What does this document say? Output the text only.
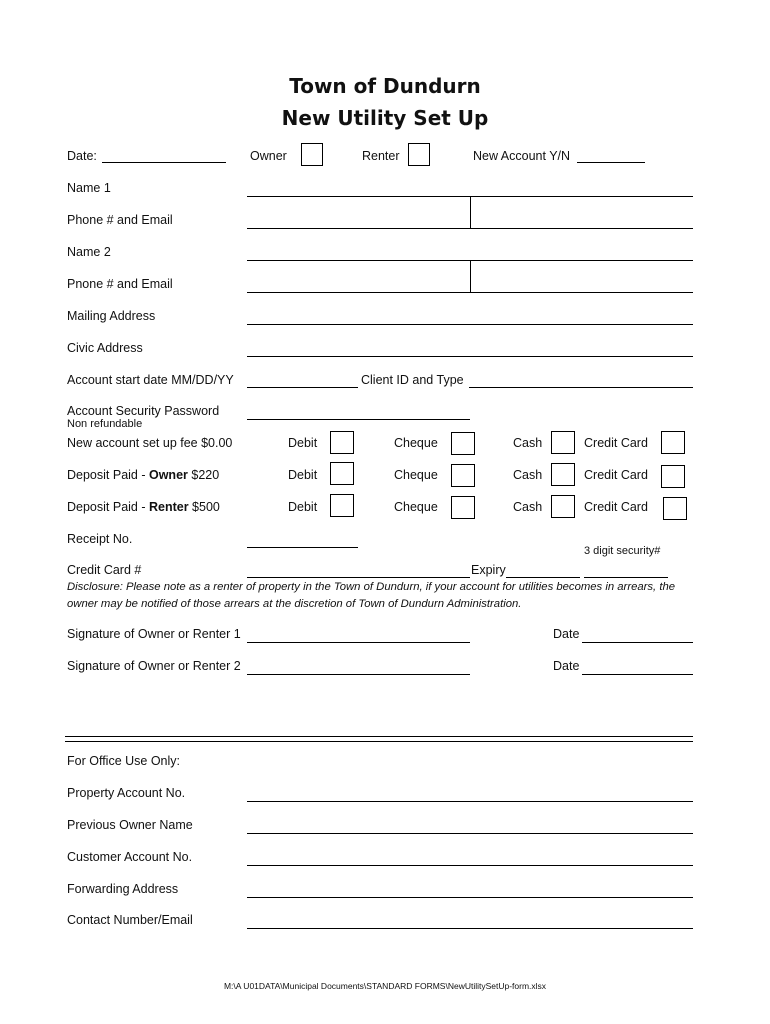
Town of Dundurn
New Utility Set Up
Date:	Owner	Renter	New Account Y/N
Name 1
Phone # and Email
Name 2
Pnone # and Email
Mailing Address
Civic Address
Account start date MM/DD/YY	Client ID and Type
Account Security Password
Non refundable
New account set up fee $0.00	Debit	Cheque	Cash	Credit Card
Deposit Paid - Owner $220	Debit	Cheque	Cash	Credit Card
Deposit Paid - Renter $500	Debit	Cheque	Cash	Credit Card
Receipt No.
3 digit security#
Credit Card #	Expiry
Disclosure: Please note as a renter of property in the Town of Dundurn, if your account for utilities becomes in arrears, the
owner may be notified of those arrears at the discretion of Town of Dundurn Administration.
Signature of Owner or Renter 1	Date
Signature of Owner or Renter 2	Date
For Office Use Only:
Property Account No.
Previous Owner Name
Customer Account No.
Forwarding Address
Contact Number/Email
M:\A U01DATA\Municipal Documents\STANDARD FORMS\NewUtilitySetUp-form.xlsx
